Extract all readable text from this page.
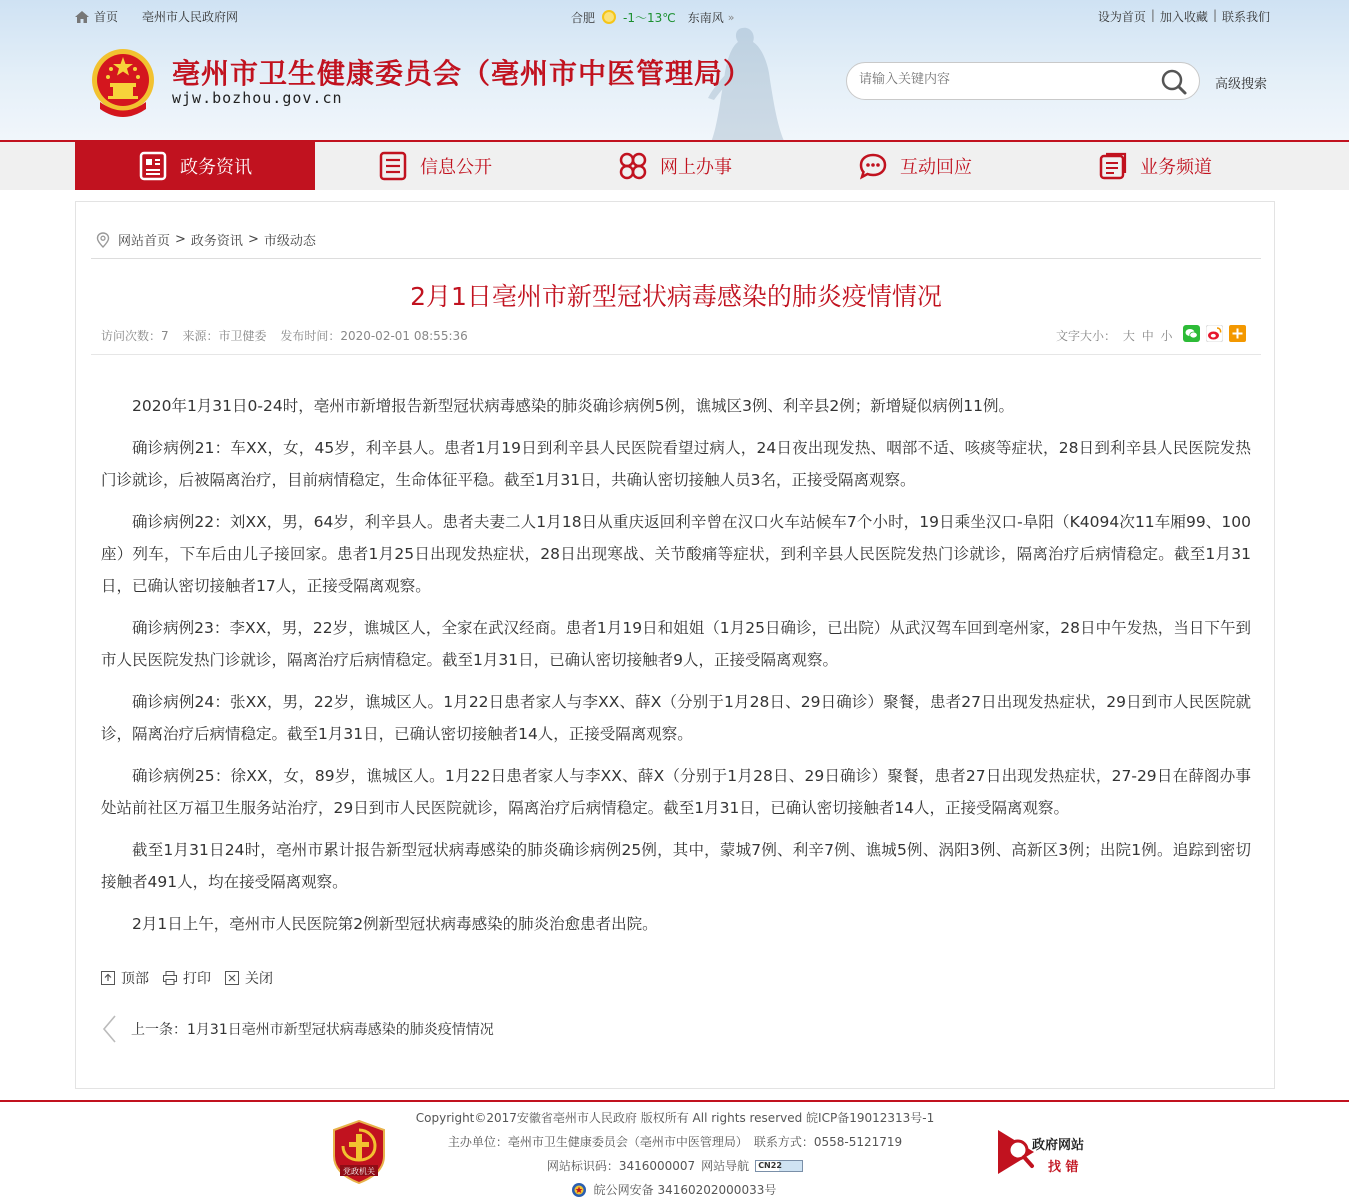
首页 亳州市人民政府网	合肥 -1～13℃ 东南风 »	设为首页 | 加入收藏 | 联系我们
亳州市卫生健康委员会（亳州市中医管理局）
wjw.bozhou.gov.cn
请输入关键内容
高级搜索
政务资讯	信息公开	网上办事	互动回应	业务频道
网站首页 > 政务资讯 > 市级动态
2月1日亳州市新型冠状病毒感染的肺炎疫情情况
访问次数：7 来源：市卫健委 发布时间：2020-02-01 08:55:36	文字大小： 大 中 小

2020年1月31日0-24时，亳州市新增报告新型冠状病毒感染的肺炎确诊病例5例，谯城区3例、利辛县2例；新增疑似病例11例。

确诊病例21：车XX，女，45岁，利辛县人。患者1月19日到利辛县人民医院看望过病人，24日夜出现发热、咽部不适、咳痰等症状，28日到利辛县人民医院发热门诊就诊，后被隔离治疗，目前病情稳定，生命体征平稳。截至1月31日，共确认密切接触人员3名，正接受隔离观察。

确诊病例22：刘XX，男，64岁，利辛县人。患者夫妻二人1月18日从重庆返回利辛曾在汉口火车站候车7个小时，19日乘坐汉口-阜阳（K4094次11车厢99、100座）列车，下车后由儿子接回家。患者1月25日出现发热症状，28日出现寒战、关节酸痛等症状，到利辛县人民医院发热门诊就诊，隔离治疗后病情稳定。截至1月31日，已确认密切接触者17人，正接受隔离观察。

确诊病例23：李XX，男，22岁，谯城区人，全家在武汉经商。患者1月19日和姐姐（1月25日确诊，已出院）从武汉驾车回到亳州家，28日中午发热，当日下午到市人民医院发热门诊就诊，隔离治疗后病情稳定。截至1月31日，已确认密切接触者9人，正接受隔离观察。

确诊病例24：张XX，男，22岁，谯城区人。1月22日患者家人与李XX、薛X（分别于1月28日、29日确诊）聚餐，患者27日出现发热症状，29日到市人民医院就诊，隔离治疗后病情稳定。截至1月31日，已确认密切接触者14人，正接受隔离观察。

确诊病例25：徐XX，女，89岁，谯城区人。1月22日患者家人与李XX、薛X（分别于1月28日、29日确诊）聚餐，患者27日出现发热症状，27-29日在薛阁办事处站前社区万福卫生服务站治疗，29日到市人民医院就诊，隔离治疗后病情稳定。截至1月31日，已确认密切接触者14人，正接受隔离观察。

截至1月31日24时，亳州市累计报告新型冠状病毒感染的肺炎确诊病例25例，其中，蒙城7例、利辛7例、谯城5例、涡阳3例、高新区3例；出院1例。追踪到密切接触者491人，均在接受隔离观察。

2月1日上午，亳州市人民医院第2例新型冠状病毒感染的肺炎治愈患者出院。

顶部 打印 关闭
上一条： 1月31日亳州市新型冠状病毒感染的肺炎疫情情况
党政机关
Copyright©2017安徽省亳州市人民政府 版权所有 All rights reserved 皖ICP备19012313号-1
主办单位：亳州市卫生健康委员会（亳州市中医管理局） 联系方式：0558-5121719
网站标识码：3416000007 网站导航	CN22
皖公网安备 34160202000033号
政府网站
找 错
